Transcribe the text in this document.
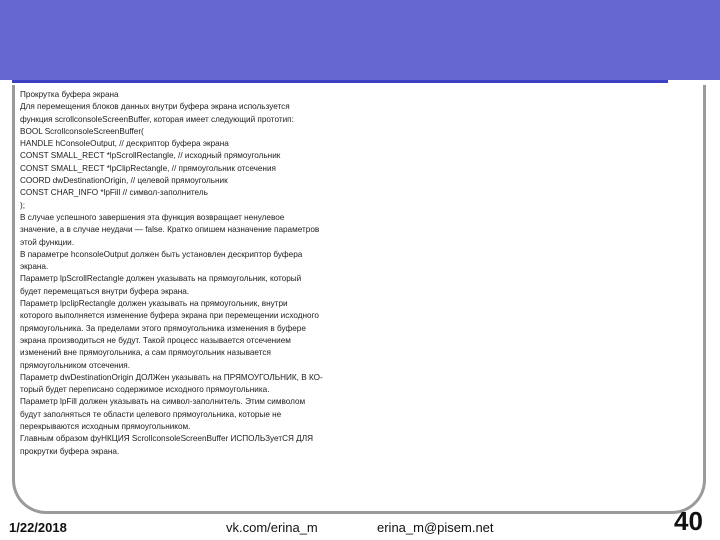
Прокрутка буфера экрана
Для перемещения блоков данных внутри буфера экрана используется
функция scrollconsoleScreenBuffer, которая имеет следующий прототип:
BOOL ScrollconsoleScreenBuffer(
HANDLE hConsoleOutput, // дескриптор буфера экрана
CONST SMALL_RECT *lpScrollRectangle, // исходный прямоугольник
CONST SMALL_RECT *lpClipRectangle, // прямоугольник отсечения
COORD dwDestinationOrigin, // целевой прямоугольник
CONST CHAR_INFO *lpFill // символ-заполнитель
);
В случае успешного завершения эта функция возвращает ненулевое
значение, а в случае неудачи — false. Кратко опишем назначение параметров
этой функции.
В параметре hconsoleOutput должен быть установлен дескриптор буфера
экрана.
Параметр lpScrollRectangle должен указывать на прямоугольник, который
будет перемещаться внутри буфера экрана.
Параметр lpclipRectangle должен указывать на прямоугольник, внутри
которого выполняется изменение буфера экрана при перемещении исходного
прямоугольника. За пределами этого прямоугольника изменения в буфере
экрана производиться не будут. Такой процесс называется отсечением
изменений вне прямоугольника, а сам прямоугольник называется
прямоугольником отсечения.
Параметр dwDestinationOrigin ДОЛЖен указывать на ПРЯМОУГОЛЬНИК, В КО-
торый будет переписано содержимое исходного прямоугольника.
Параметр lpFill должен указывать на символ-заполнитель. Этим символом
будут заполняться те области целевого прямоугольника, которые не
перекрываются исходным прямоугольником.
Главным образом фуНКЦИЯ ScrollconsoleScreenBuffer ИСПОЛЬЗуетСЯ ДЛЯ
прокрутки буфера экрана.
1/22/2018	vk.com/erina_m	erina_m@pisem.net	40
